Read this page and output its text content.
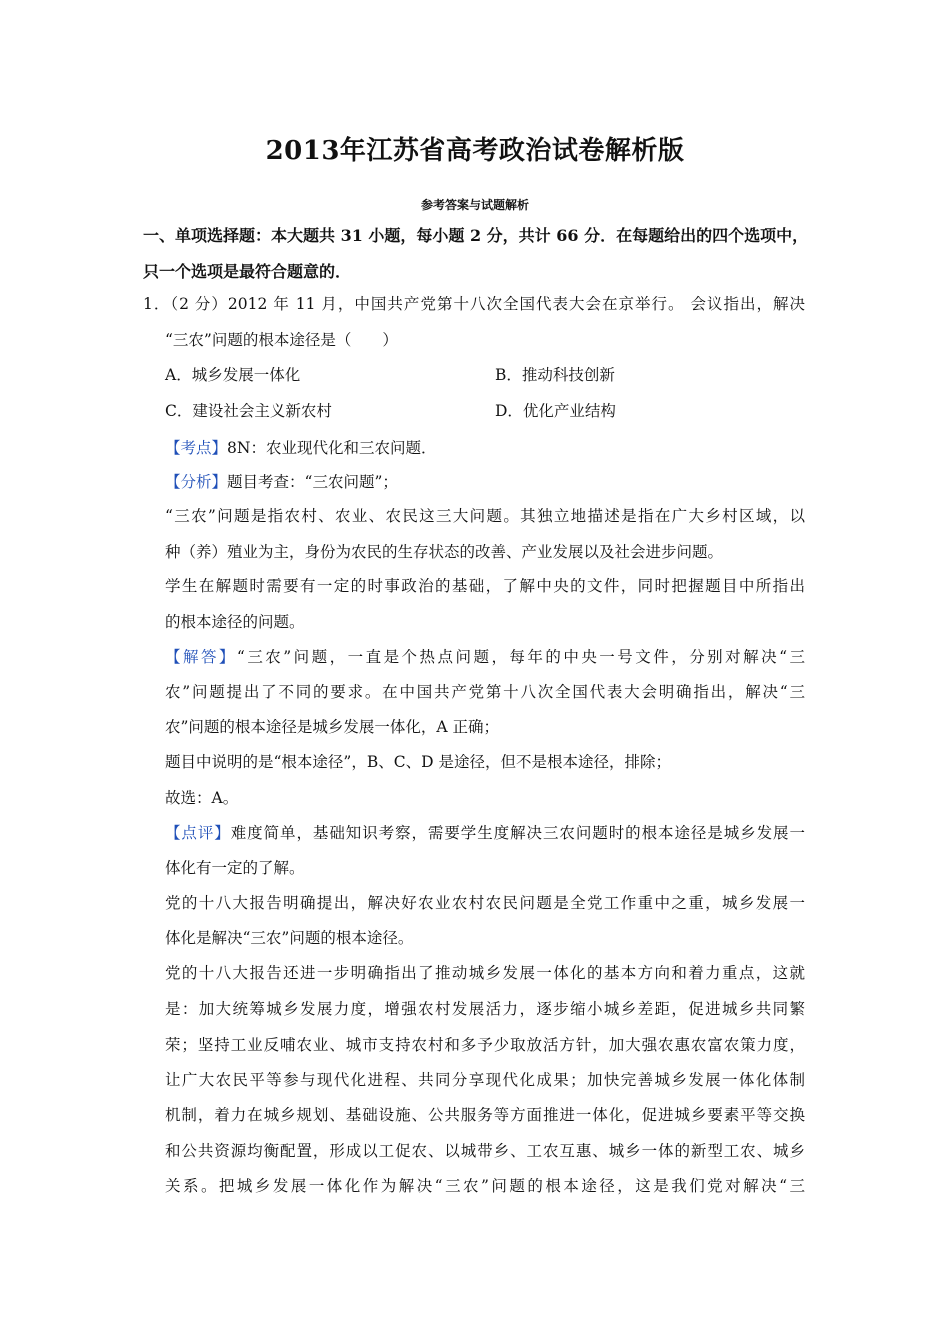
2013年江苏省高考政治试卷解析版
参考答案与试题解析
一、单项选择题：本大题共 31 小题，每小题 2 分，共计 66 分．在每题给出的四个选项中，
只一个选项是最符合题意的．
1．（2 分）2012 年 11 月，中国共产党第十八次全国代表大会在京举行。 会议指出，解决
“三农”问题的根本途径是（　　）
A．城乡发展一体化	B．推动科技创新
C．建设社会主义新农村	D．优化产业结构
【考点】8N：农业现代化和三农问题．
【分析】题目考查：“三农问题”；
“三农”问题是指农村、农业、农民这三大问题。其独立地描述是指在广大乡村区域，以
种（养）殖业为主，身份为农民的生存状态的改善、产业发展以及社会进步问题。
学生在解题时需要有一定的时事政治的基础，了解中央的文件，同时把握题目中所指出
的根本途径的问题。
【解答】“三农”问题，一直是个热点问题，每年的中央一号文件，分别对解决“三
农”问题提出了不同的要求。在中国共产党第十八次全国代表大会明确指出，解决“三
农”问题的根本途径是城乡发展一体化，A 正确；
题目中说明的是“根本途径”，B、C、D 是途径，但不是根本途径，排除；
故选：A。
【点评】难度简单，基础知识考察，需要学生度解决三农问题时的根本途径是城乡发展一
体化有一定的了解。
党的十八大报告明确提出，解决好农业农村农民问题是全党工作重中之重，城乡发展一
体化是解决“三农”问题的根本途径。
党的十八大报告还进一步明确指出了推动城乡发展一体化的基本方向和着力重点，这就
是：加大统筹城乡发展力度，增强农村发展活力，逐步缩小城乡差距，促进城乡共同繁
荣；坚持工业反哺农业、城市支持农村和多予少取放活方针，加大强农惠农富农策力度，
让广大农民平等参与现代化进程、共同分享现代化成果；加快完善城乡发展一体化体制
机制，着力在城乡规划、基础设施、公共服务等方面推进一体化，促进城乡要素平等交换
和公共资源均衡配置，形成以工促农、以城带乡、工农互惠、城乡一体的新型工农、城乡
关系。把城乡发展一体化作为解决“三农”问题的根本途径，这是我们党对解决“三
